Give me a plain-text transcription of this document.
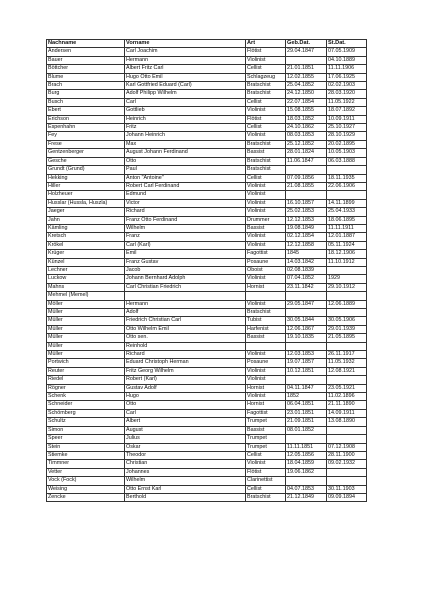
Nachname	Vorname	Art	Geb.Dat.	St.Dat.
Andersen	Carl Joachim	Flötist	29.04.1847	07.05.1909
Bauer	Hermann	Violinist		04.10.1889
Böttcher	Albert Fritz Carl	Cellist	21.01.1851	11.11.1906
Blume	Hugo Otto Emil	Schlagzeug	12.02.1855	17.06.1925
Brach	Karl Gottfried Eduard (Carl)	Bratschist	25.04.1852	02.02.1903
Burg	Adolf Philipp Wilhelm	Bratschist	24.12.1850	28.03.1920
Busch	Carl	Cellist	22.07.1854	11.05.1922
Ebert	Gottlieb	Violinist	15.08.1855	18.07.1892
Erichson	Heinrich	Flötist	18.03.1852	10.09.1911
Espenhahn	Fritz	Cellist	24.10.1862	25.10.1927
Fey	Johann Heinrich	Violinist	08.03.1853	28.10.1929
Frese	Max	Bratschist	25.12.1852	20.02.1895
Gentzenberger	August Johann Ferdinand	Bassist	28.01.1824	10.05.1903
Gesche	Otto	Bratschist	11.06.1847	06.03.1888
Grundt (Grund)	Paul	Bratschist		
Hekking	Anton "Antoine"	Cellist	07.09.1856	18.11.1935
Hiller	Robert Carl Ferdinand	Violinist	21.08.1855	22.06.1906
Holzheuer	Edmund	Violinist		
Husslar (Hussla, Huszla)	Victor	Violinist	16.10.1857	14.11.1899
Jaeger	Richard	Violinist	25.02.1853	25.04.1933
Jahn	Franz Otto Ferdinand	Drummer	12.12.1853	18.06.1895
Kämling	Wilhelm	Bassist	19.08.1849	11.11.1911
Kretsch	Franz	Violinist	02.12.1854	12.01.1887
Krökel	Carl (Karl)	Violinist	12.12.1858	05.11.1924
Krüger	Emil	Fagottist	1845	18.12.1906
Künzel	Franz Gustav	Posaune	14.03.1842	11.10.1912
Lechner	Jacob	Oboist	02.08.1839	
Luckow	Johann Bernhard Adolph	Violinist	07.04.1852	1929
Mahns	Carl Christian Friedrich	Hornist	23.11.1842	29.10.1912
Mehmel (Memel)				
Möller	Hermann	Violinist	29.05.1847	12.06.1889
Müller	Adolf	Bratschist		
Müller	Friedrich Christian Carl	Tubist	30.05.1844	30.05.1906
Müller	Otto Wilhelm Emil	Harfenist	12.06.1867	29.01.1939
Müller	Otto sen.	Bassist	19.10.1835	21.05.1895
Müller	Reinhold			
Müller	Richard	Violinist	12.03.1853	26.11.1917
Portwich	Eduard Christoph Herman	Posaune	19.07.1857	11.05.1932
Reuter	Fritz Georg Wilhelm	Violinist	10.12.1851	12.08.1921
Riedel	Robert (Karl)	Violinist		
Rögner	Gustav Adolf	Hornist	04.11.1847	23.05.1921
Schenk	Hugo	Violinist	1852	11.02.1896
Schneider	Otto	Hornist	06.04.1851	21.11.1890
Schömberg	Carl	Fagottist	23.01.1851	14.09.1911
Schultz	Albert	Trumpet	21.09.1851	13.08.1890
Simon	August	Bassist	08.01.1852	
Speer	Julius	Trumpet		
Stein	Oskar	Trumpet	11.11.1851	07.12.1908
Stiemke	Theodor	Cellist	12.05.1856	28.11.1900
Timmner	Christian	Violinist	18.04.1859	09.02.1932
Vetter	Johannes	Flötist	19.06.1862	
Vock (Fock)	Wilhelm	Clarinettist		
Weising	Otto Ernst Karl	Cellist	04.07.1853	30.11.1903
Zencke	Berthold	Bratschist	21.12.1849	09.09.1894
